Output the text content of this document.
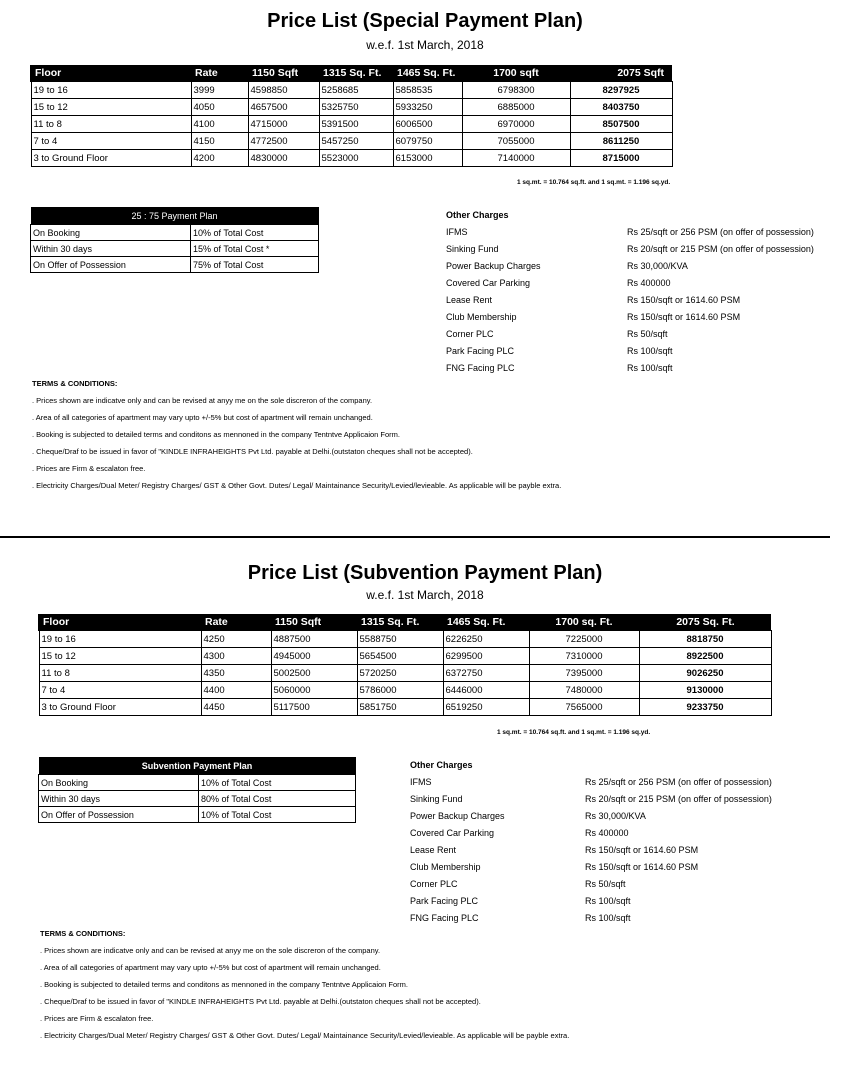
Price List (Special Payment Plan)
w.e.f. 1st March, 2018
Floor	Rate	1150 Sqft	1315 Sq. Ft.	1465 Sq. Ft.	1700 sqft	2075 Sqft
19 to 16	3999	4598850	5258685	5858535	6798300	8297925
15 to 12	4050	4657500	5325750	5933250	6885000	8403750
11 to 8	4100	4715000	5391500	6006500	6970000	8507500
7 to 4	4150	4772500	5457250	6079750	7055000	8611250
3 to Ground Floor	4200	4830000	5523000	6153000	7140000	8715000
1 sq.mt. = 10.764 sq.ft. and 1 sq.mt. = 1.196 sq.yd.
25 : 75 Payment Plan	
On Booking	10% of Total Cost
Within 30 days	15% of Total Cost *
On Offer of Possession	75% of Total Cost
Other Charges
IFMS	Rs 25/sqft or 256 PSM (on offer of possession)
Sinking Fund	Rs 20/sqft or 215 PSM (on offer of possession)
Power Backup Charges	Rs 30,000/KVA
Covered Car Parking	Rs 400000
Lease Rent	Rs 150/sqft or 1614.60 PSM
Club Membership	Rs 150/sqft or 1614.60 PSM
Corner PLC	Rs 50/sqft
Park Facing PLC	Rs 100/sqft
FNG Facing PLC	Rs 100/sqft
TERMS & CONDITIONS:
. Prices shown are indicatve only and can be revised at anyy me on the sole discreron of the company.
. Area of all categories of apartment may vary upto +/-5% but cost of apartment will remain unchanged.
. Booking is subjected to detailed terms and conditons as mennoned in the company Tentntve Applicaion Form.
. Cheque/Draf to be issued in favor of "KINDLE INFRAHEIGHTS Pvt Ltd. payable at Delhi.(outstaton cheques shall not be accepted).
. Prices are Firm & escalaton free.
. Electricity Charges/Dual Meter/ Registry Charges/ GST & Other Govt. Dutes/ Legal/ Maintainance Security/Levied/levieable. As applicable will be payble extra.
Price List (Subvention Payment Plan)
w.e.f. 1st March, 2018
Floor	Rate	1150 Sqft	1315 Sq. Ft.	1465 Sq. Ft.	1700 sq. Ft.	2075 Sq. Ft.
19 to 16	4250	4887500	5588750	6226250	7225000	8818750
15 to 12	4300	4945000	5654500	6299500	7310000	8922500
11 to 8	4350	5002500	5720250	6372750	7395000	9026250
7 to 4	4400	5060000	5786000	6446000	7480000	9130000
3 to Ground Floor	4450	5117500	5851750	6519250	7565000	9233750
1 sq.mt. = 10.764 sq.ft. and 1 sq.mt. = 1.196 sq.yd.
Subvention Payment Plan	
On Booking	10% of Total Cost
Within 30 days	80% of Total Cost
On Offer of Possession	10% of Total Cost
Other Charges
IFMS	Rs 25/sqft or 256 PSM (on offer of possession)
Sinking Fund	Rs 20/sqft or 215 PSM (on offer of possession)
Power Backup Charges	Rs 30,000/KVA
Covered Car Parking	Rs 400000
Lease Rent	Rs 150/sqft or 1614.60 PSM
Club Membership	Rs 150/sqft or 1614.60 PSM
Corner PLC	Rs 50/sqft
Park Facing PLC	Rs 100/sqft
FNG Facing PLC	Rs 100/sqft
TERMS & CONDITIONS:
. Prices shown are indicatve only and can be revised at anyy me on the sole discreron of the company.
. Area of all categories of apartment may vary upto +/-5% but cost of apartment will remain unchanged.
. Booking is subjected to detailed terms and conditons as mennoned in the company Tentntve Applicaion Form.
. Cheque/Draf to be issued in favor of "KINDLE INFRAHEIGHTS Pvt Ltd. payable at Delhi.(outstaton cheques shall not be accepted).
. Prices are Firm & escalaton free.
. Electricity Charges/Dual Meter/ Registry Charges/ GST & Other Govt. Dutes/ Legal/ Maintainance Security/Levied/levieable. As applicable will be payble extra.
